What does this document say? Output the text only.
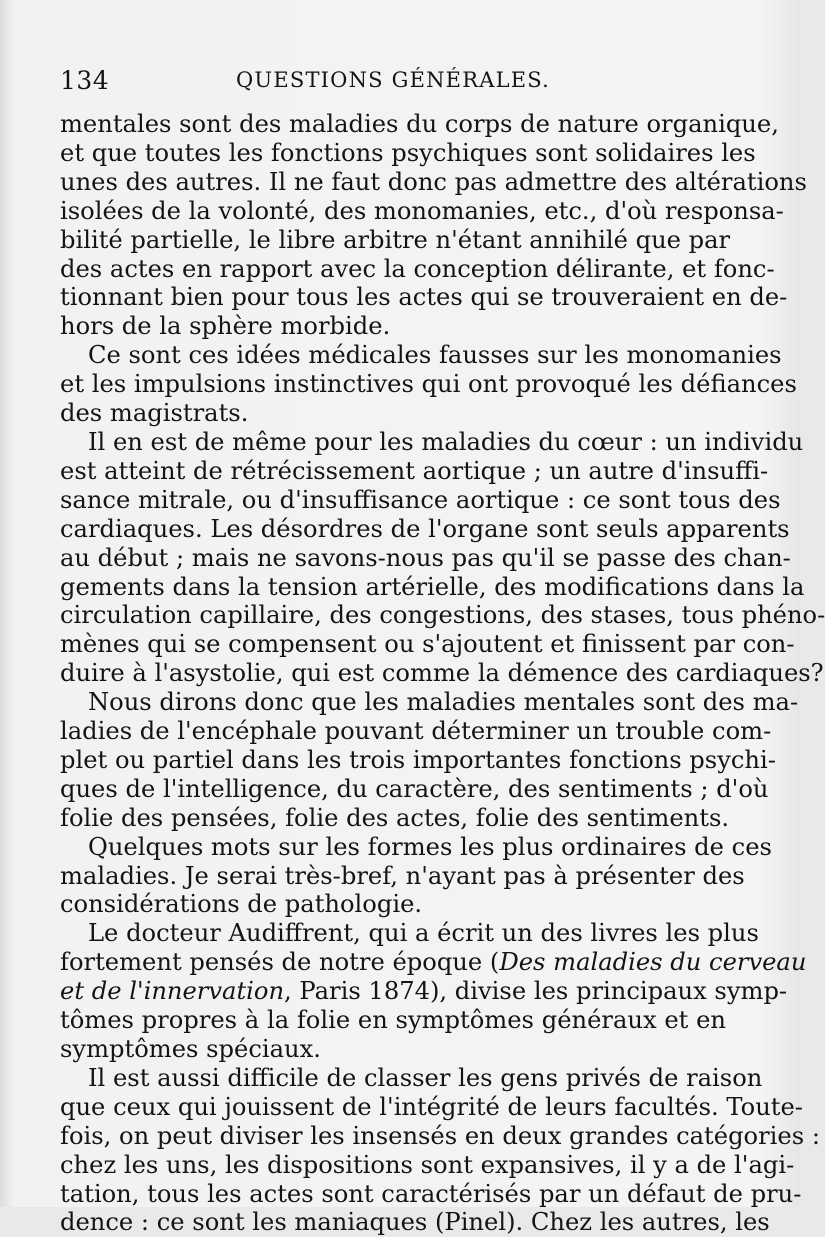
134	QUESTIONS GÉNÉRALES.

mentales sont des maladies du corps de nature organique,
et que toutes les fonctions psychiques sont solidaires les
unes des autres. Il ne faut donc pas admettre des altérations
isolées de la volonté, des monomanies, etc., d'où responsa-
bilité partielle, le libre arbitre n'étant annihilé que par
des actes en rapport avec la conception délirante, et fonc-
tionnant bien pour tous les actes qui se trouveraient en de-
hors de la sphère morbide.

Ce sont ces idées médicales fausses sur les monomanies
et les impulsions instinctives qui ont provoqué les défiances
des magistrats.

Il en est de même pour les maladies du cœur : un individu
est atteint de rétrécissement aortique ; un autre d'insuffi-
sance mitrale, ou d'insuffisance aortique : ce sont tous des
cardiaques. Les désordres de l'organe sont seuls apparents
au début ; mais ne savons-nous pas qu'il se passe des chan-
gements dans la tension artérielle, des modifications dans la
circulation capillaire, des congestions, des stases, tous phéno-
mènes qui se compensent ou s'ajoutent et finissent par con-
duire à l'asystolie, qui est comme la démence des cardiaques?

Nous dirons donc que les maladies mentales sont des ma-
ladies de l'encéphale pouvant déterminer un trouble com-
plet ou partiel dans les trois importantes fonctions psychi-
ques de l'intelligence, du caractère, des sentiments ; d'où
folie des pensées, folie des actes, folie des sentiments.

Quelques mots sur les formes les plus ordinaires de ces
maladies. Je serai très-bref, n'ayant pas à présenter des
considérations de pathologie.

Le docteur Audiffrent, qui a écrit un des livres les plus
fortement pensés de notre époque (Des maladies du cerveau
et de l'innervation, Paris 1874), divise les principaux symp-
tômes propres à la folie en symptômes généraux et en
symptômes spéciaux.

Il est aussi difficile de classer les gens privés de raison
que ceux qui jouissent de l'intégrité de leurs facultés. Toute-
fois, on peut diviser les insensés en deux grandes catégories :
chez les uns, les dispositions sont expansives, il y a de l'agi-
tation, tous les actes sont caractérisés par un défaut de pru-
dence : ce sont les maniaques (Pinel). Chez les autres, les
